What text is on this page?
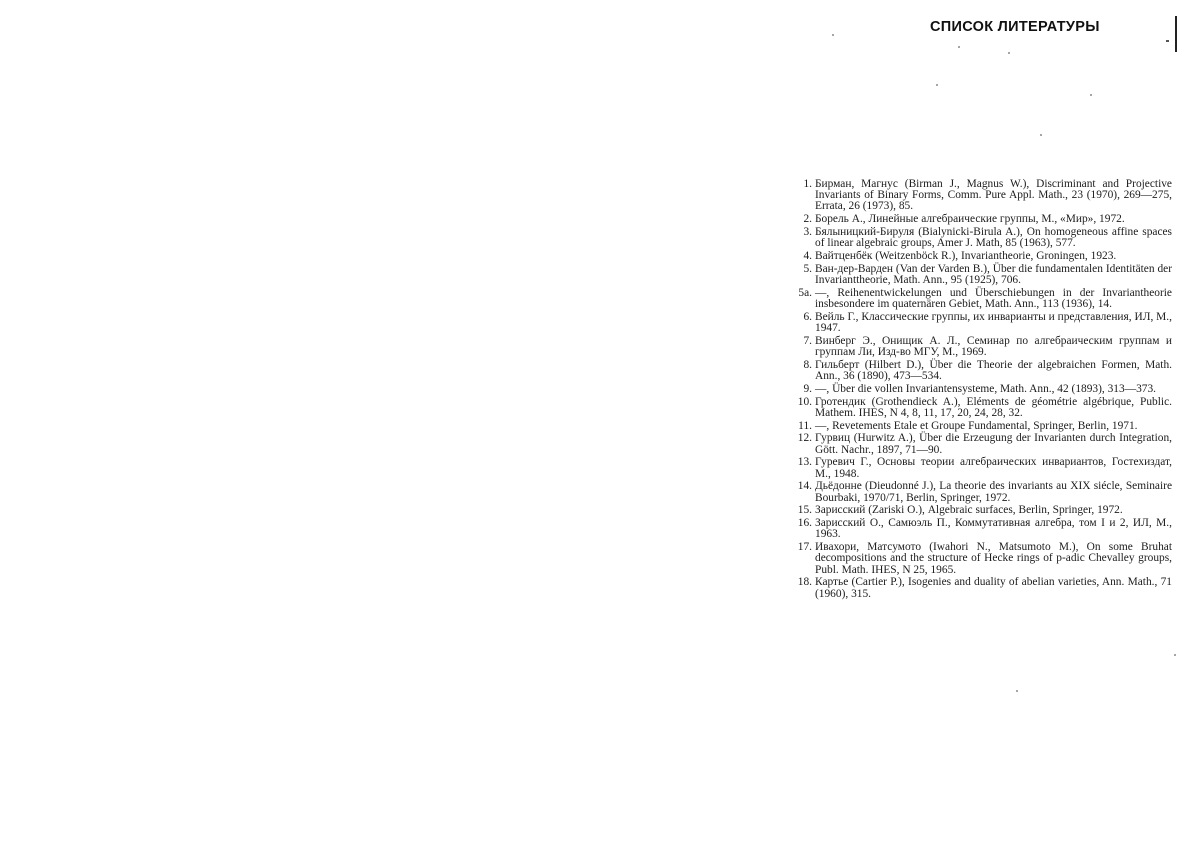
СПИСОК ЛИТЕРАТУРЫ
1. Бирман, Магнус (Birman J., Magnus W.), Discriminant and Projective Invariants of Binary Forms, Comm. Pure Appl. Math., 23 (1970), 269—275, Errata, 26 (1973), 85.
2. Борель А., Линейные алгебраические группы, М., «Мир», 1972.
3. Бялыницкий-Бируля (Bialynicki-Birula A.), On homogeneous affine spaces of linear algebraic groups, Amer J. Math, 85 (1963), 577.
4. Вайтценбёк (Weitzenböck R.), Invariantheorie, Groningen, 1923.
5. Ван-дер-Варден (Van der Varden B.), Über die fundamentalen Identitäten der Invarianttheorie, Math. Ann., 95 (1925), 706.
5a. —, Reihenentwickelungen und Überschiebungen in der Invariantheorie insbesondere im quaternären Gebiet, Math. Ann., 113 (1936), 14.
6. Вейль Г., Классические группы, их инварианты и представления, ИЛ, М., 1947.
7. Винберг Э., Онищик А. Л., Семинар по алгебраическим группам и группам Ли, Изд-во МГУ, М., 1969.
8. Гильберт (Hilbert D.), Über die Theorie der algebraichen Formen, Math. Ann., 36 (1890), 473—534.
9. —, Über die vollen Invariantensysteme, Math. Ann., 42 (1893), 313—373.
10. Гротендик (Grothendieck A.), Eléments de géométrie algébrique, Public. Mathem. IHES, N 4, 8, 11, 17, 20, 24, 28, 32.
11. —, Revetements Etale et Groupe Fundamental, Springer, Berlin, 1971.
12. Гурвиц (Hurwitz A.), Über die Erzeugung der Invarianten durch Integration, Gött. Nachr., 1897, 71—90.
13. Гуревич Г., Основы теории алгебраических инвариантов, Гостехиздат, М., 1948.
14. Дьёдонне (Dieudonné J.), La theorie des invariants au XIX siécle, Seminaire Bourbaki, 1970/71, Berlin, Springer, 1972.
15. Зарисский (Zariski O.), Algebraic surfaces, Berlin, Springer, 1972.
16. Зарисский О., Самюэль П., Коммутативная алгебра, том I и 2, ИЛ, М., 1963.
17. Ивахори, Матсумото (Iwahori N., Matsumoto M.), On some Bruhat decompositions and the structure of Hecke rings of p-adic Chevalley groups, Publ. Math. IHES, N 25, 1965.
18. Картье (Cartier P.), Isogenies and duality of abelian varieties, Ann. Math., 71 (1960), 315.
